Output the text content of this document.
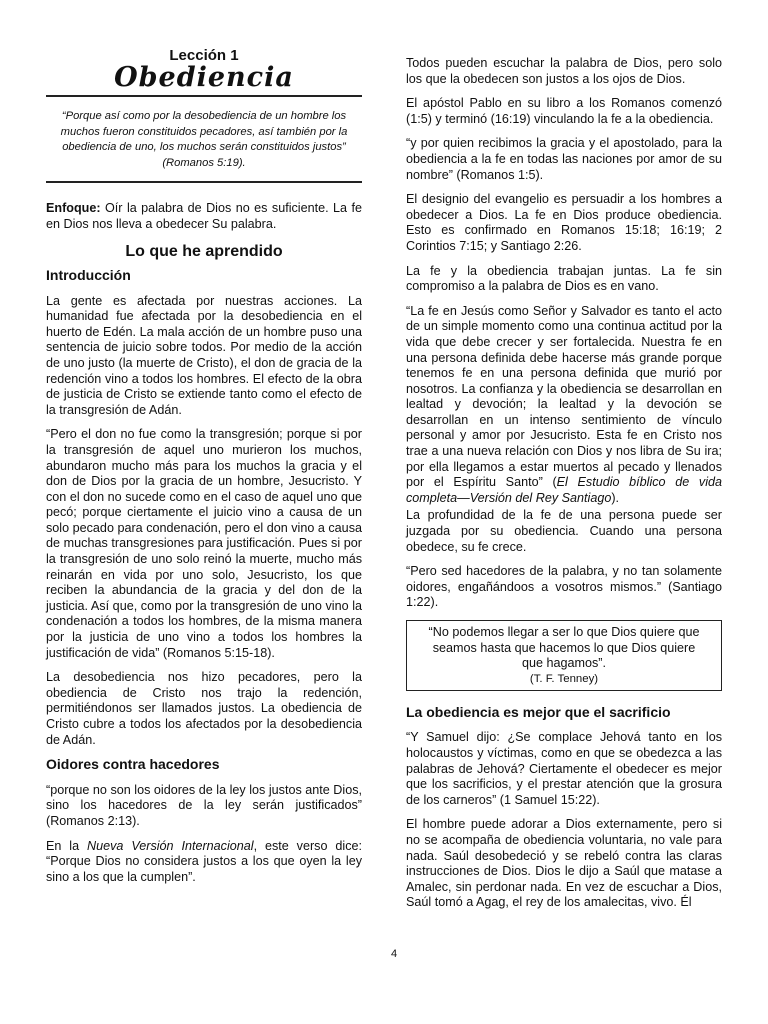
Lección 1
Obediencia
“Porque así como por la desobediencia de un hombre los muchos fueron constituidos pecadores, así también por la obediencia de uno, los muchos serán constituidos justos” (Romanos 5:19).

Enfoque: Oír la palabra de Dios no es suficiente. La fe en Dios nos lleva a obedecer Su palabra.

Lo que he aprendido
Introducción

La gente es afectada por nuestras acciones. La humanidad fue afectada por la desobediencia en el huerto de Edén. La mala acción de un hombre puso una sentencia de juicio sobre todos. Por medio de la acción de uno justo (la muerte de Cristo), el don de gracia de la redención vino a todos los hombres. El efecto de la obra de justicia de Cristo se extiende tanto como el efecto de la transgresión de Adán.

“Pero el don no fue como la transgresión; porque si por la transgresión de aquel uno murieron los muchos, abundaron mucho más para los muchos la gracia y el don de Dios por la gracia de un hombre, Jesucristo. Y con el don no sucede como en el caso de aquel uno que pecó; porque ciertamente el juicio vino a causa de un solo pecado para condenación, pero el don vino a causa de muchas transgresiones para justificación. Pues si por la transgresión de uno solo reinó la muerte, mucho más reinarán en vida por uno solo, Jesucristo, los que reciben la abundancia de la gracia y del don de la justicia. Así que, como por la transgresión de uno vino la condenación a todos los hombres, de la misma manera por la justicia de uno vino a todos los hombres la justificación de vida” (Romanos 5:15-18).

La desobediencia nos hizo pecadores, pero la obediencia de Cristo nos trajo la redención, permitiéndonos ser llamados justos. La obediencia de Cristo cubre a todos los afectados por la desobediencia de Adán.

Oidores contra hacedores

“porque no son los oidores de la ley los justos ante Dios, sino los hacedores de la ley serán justificados” (Romanos 2:13).

En la Nueva Versión Internacional, este verso dice: “Porque Dios no considera justos a los que oyen la ley sino a los que la cumplen”.

Todos pueden escuchar la palabra de Dios, pero solo los que la obedecen son justos a los ojos de Dios.

El apóstol Pablo en su libro a los Romanos comenzó (1:5) y terminó (16:19) vinculando la fe a la obediencia.

“y por quien recibimos la gracia y el apostolado, para la obediencia a la fe en todas las naciones por amor de su nombre” (Romanos 1:5).

El designio del evangelio es persuadir a los hombres a obedecer a Dios. La fe en Dios produce obediencia. Esto es confirmado en Romanos 15:18; 16:19; 2 Corintios 7:15; y Santiago 2:26.

La fe y la obediencia trabajan juntas. La fe sin compromiso a la palabra de Dios es en vano.

“La fe en Jesús como Señor y Salvador es tanto el acto de un simple momento como una continua actitud por la vida que debe crecer y ser fortalecida. Nuestra fe en una persona definida debe hacerse más grande porque tenemos fe en una persona definida que murió por nosotros. La confianza y la obediencia se desarrollan en lealtad y devoción; la lealtad y la devoción se desarrollan en un intenso sentimiento de vínculo personal y amor por Jesucristo. Esta fe en Cristo nos trae a una nueva relación con Dios y nos libra de Su ira; por ella llegamos a estar muertos al pecado y llenados por el Espíritu Santo” (El Estudio bíblico de vida completa—Versión del Rey Santiago).

La profundidad de la fe de una persona puede ser juzgada por su obediencia. Cuando una persona obedece, su fe crece.

“Pero sed hacedores de la palabra, y no tan solamente oidores, engañándoos a vosotros mismos.” (Santiago 1:22).

“No podemos llegar a ser lo que Dios quiere que seamos hasta que hacemos lo que Dios quiere que hagamos”.
(T. F. Tenney)
La obediencia es mejor que el sacrificio

“Y Samuel dijo: ¿Se complace Jehová tanto en los holocaustos y víctimas, como en que se obedezca a las palabras de Jehová? Ciertamente el obedecer es mejor que los sacrificios, y el prestar atención que la grosura de los carneros” (1 Samuel 15:22).

El hombre puede adorar a Dios externamente, pero si no se acompaña de obediencia voluntaria, no vale para nada. Saúl desobedeció y se rebeló contra las claras instrucciones de Dios. Dios le dijo a Saúl que matase a Amalec, sin perdonar nada. En vez de escuchar a Dios, Saúl tomó a Agag, el rey de los amalecitas, vivo. Él

4
